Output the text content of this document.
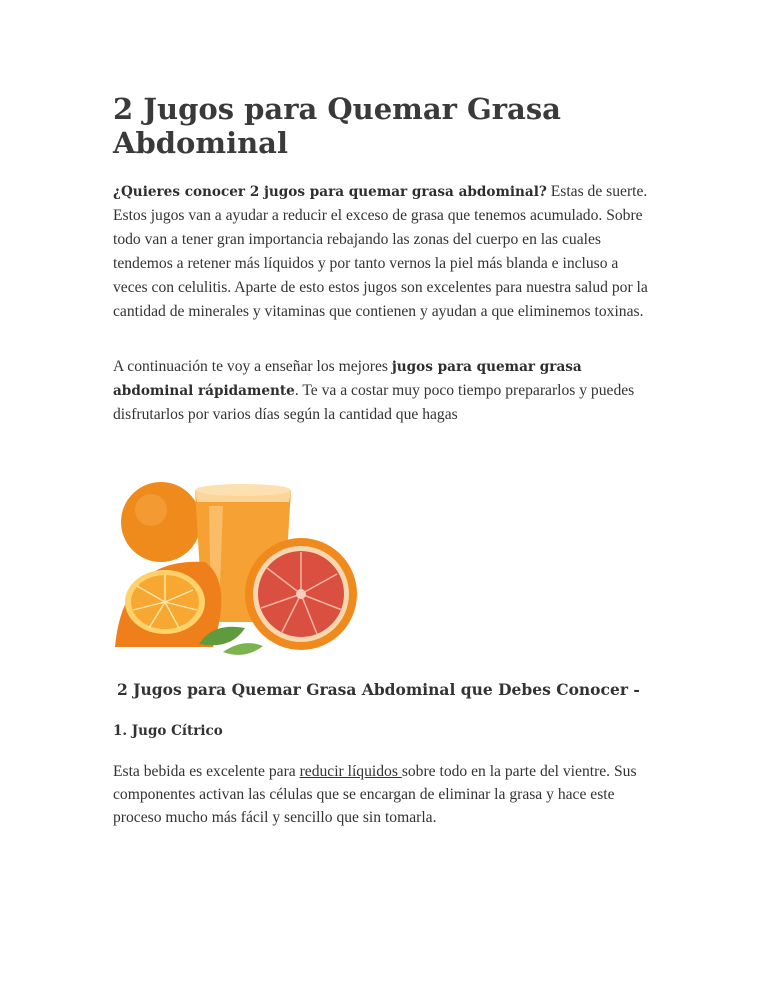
2 Jugos para Quemar Grasa Abdominal

¿Quieres conocer 2 jugos para quemar grasa abdominal? Estas de suerte. Estos jugos van a ayudar a reducir el exceso de grasa que tenemos acumulado. Sobre todo van a tener gran importancia rebajando las zonas del cuerpo en las cuales tendemos a retener más líquidos y por tanto vernos la piel más blanda e incluso a veces con celulitis. Aparte de esto estos jugos son excelentes para nuestra salud por la cantidad de minerales y vitaminas que contienen y ayudan a que eliminemos toxinas.

A continuación te voy a enseñar los mejores jugos para quemar grasa abdominal rápidamente. Te va a costar muy poco tiempo prepararlos y puedes disfrutarlos por varios días según la cantidad que hagas

2 Jugos para Quemar Grasa Abdominal que Debes Conocer -
1. Jugo Cítrico

Esta bebida es excelente para reducir líquidos sobre todo en la parte del vientre. Sus componentes activan las células que se encargan de eliminar la grasa y hace este proceso mucho más fácil y sencillo que sin tomarla.
